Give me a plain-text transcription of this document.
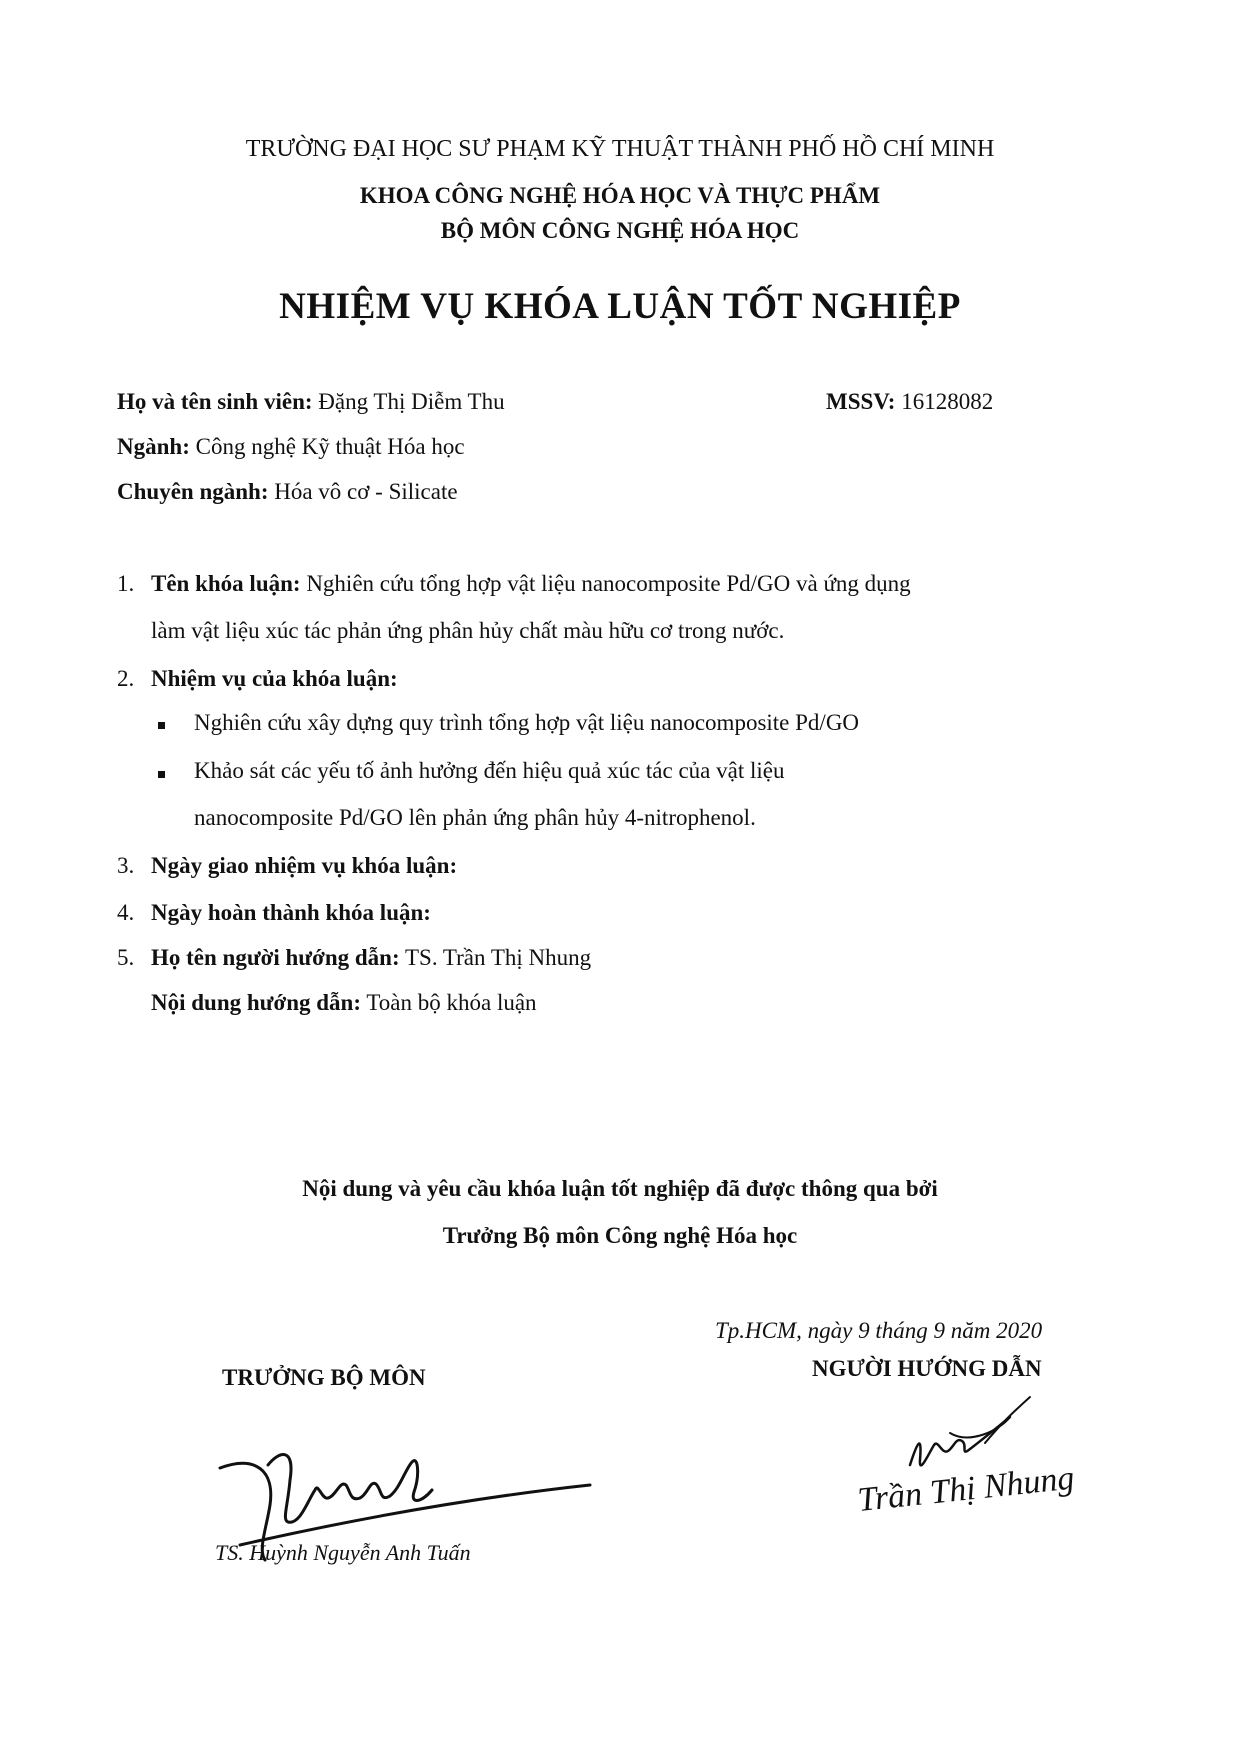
TRƯỜNG ĐẠI HỌC SƯ PHẠM KỸ THUẬT THÀNH PHỐ HỒ CHÍ MINH
KHOA CÔNG NGHỆ HÓA HỌC VÀ THỰC PHẨM
BỘ MÔN CÔNG NGHỆ HÓA HỌC
NHIỆM VỤ KHÓA LUẬN TỐT NGHIỆP
Họ và tên sinh viên: Đặng Thị Diễm Thu	MSSV: 16128082
Ngành: Công nghệ Kỹ thuật Hóa học
Chuyên ngành: Hóa vô cơ - Silicate
1. Tên khóa luận: Nghiên cứu tổng hợp vật liệu nanocomposite Pd/GO và ứng dụng
làm vật liệu xúc tác phản ứng phân hủy chất màu hữu cơ trong nước.
2. Nhiệm vụ của khóa luận:
Nghiên cứu xây dựng quy trình tổng hợp vật liệu nanocomposite Pd/GO
Khảo sát các yếu tố ảnh hưởng đến hiệu quả xúc tác của vật liệu
nanocomposite Pd/GO lên phản ứng phân hủy 4-nitrophenol.
3. Ngày giao nhiệm vụ khóa luận:
4. Ngày hoàn thành khóa luận:
5. Họ tên người hướng dẫn: TS. Trần Thị Nhung
Nội dung hướng dẫn: Toàn bộ khóa luận
Nội dung và yêu cầu khóa luận tốt nghiệp đã được thông qua bởi
Trưởng Bộ môn Công nghệ Hóa học
Tp.HCM, ngày 9 tháng 9 năm 2020
TRƯỞNG BỘ MÔN	NGƯỜI HƯỚNG DẪN
TS. Huỳnh Nguyễn Anh Tuấn
Trần Thị Nhung
